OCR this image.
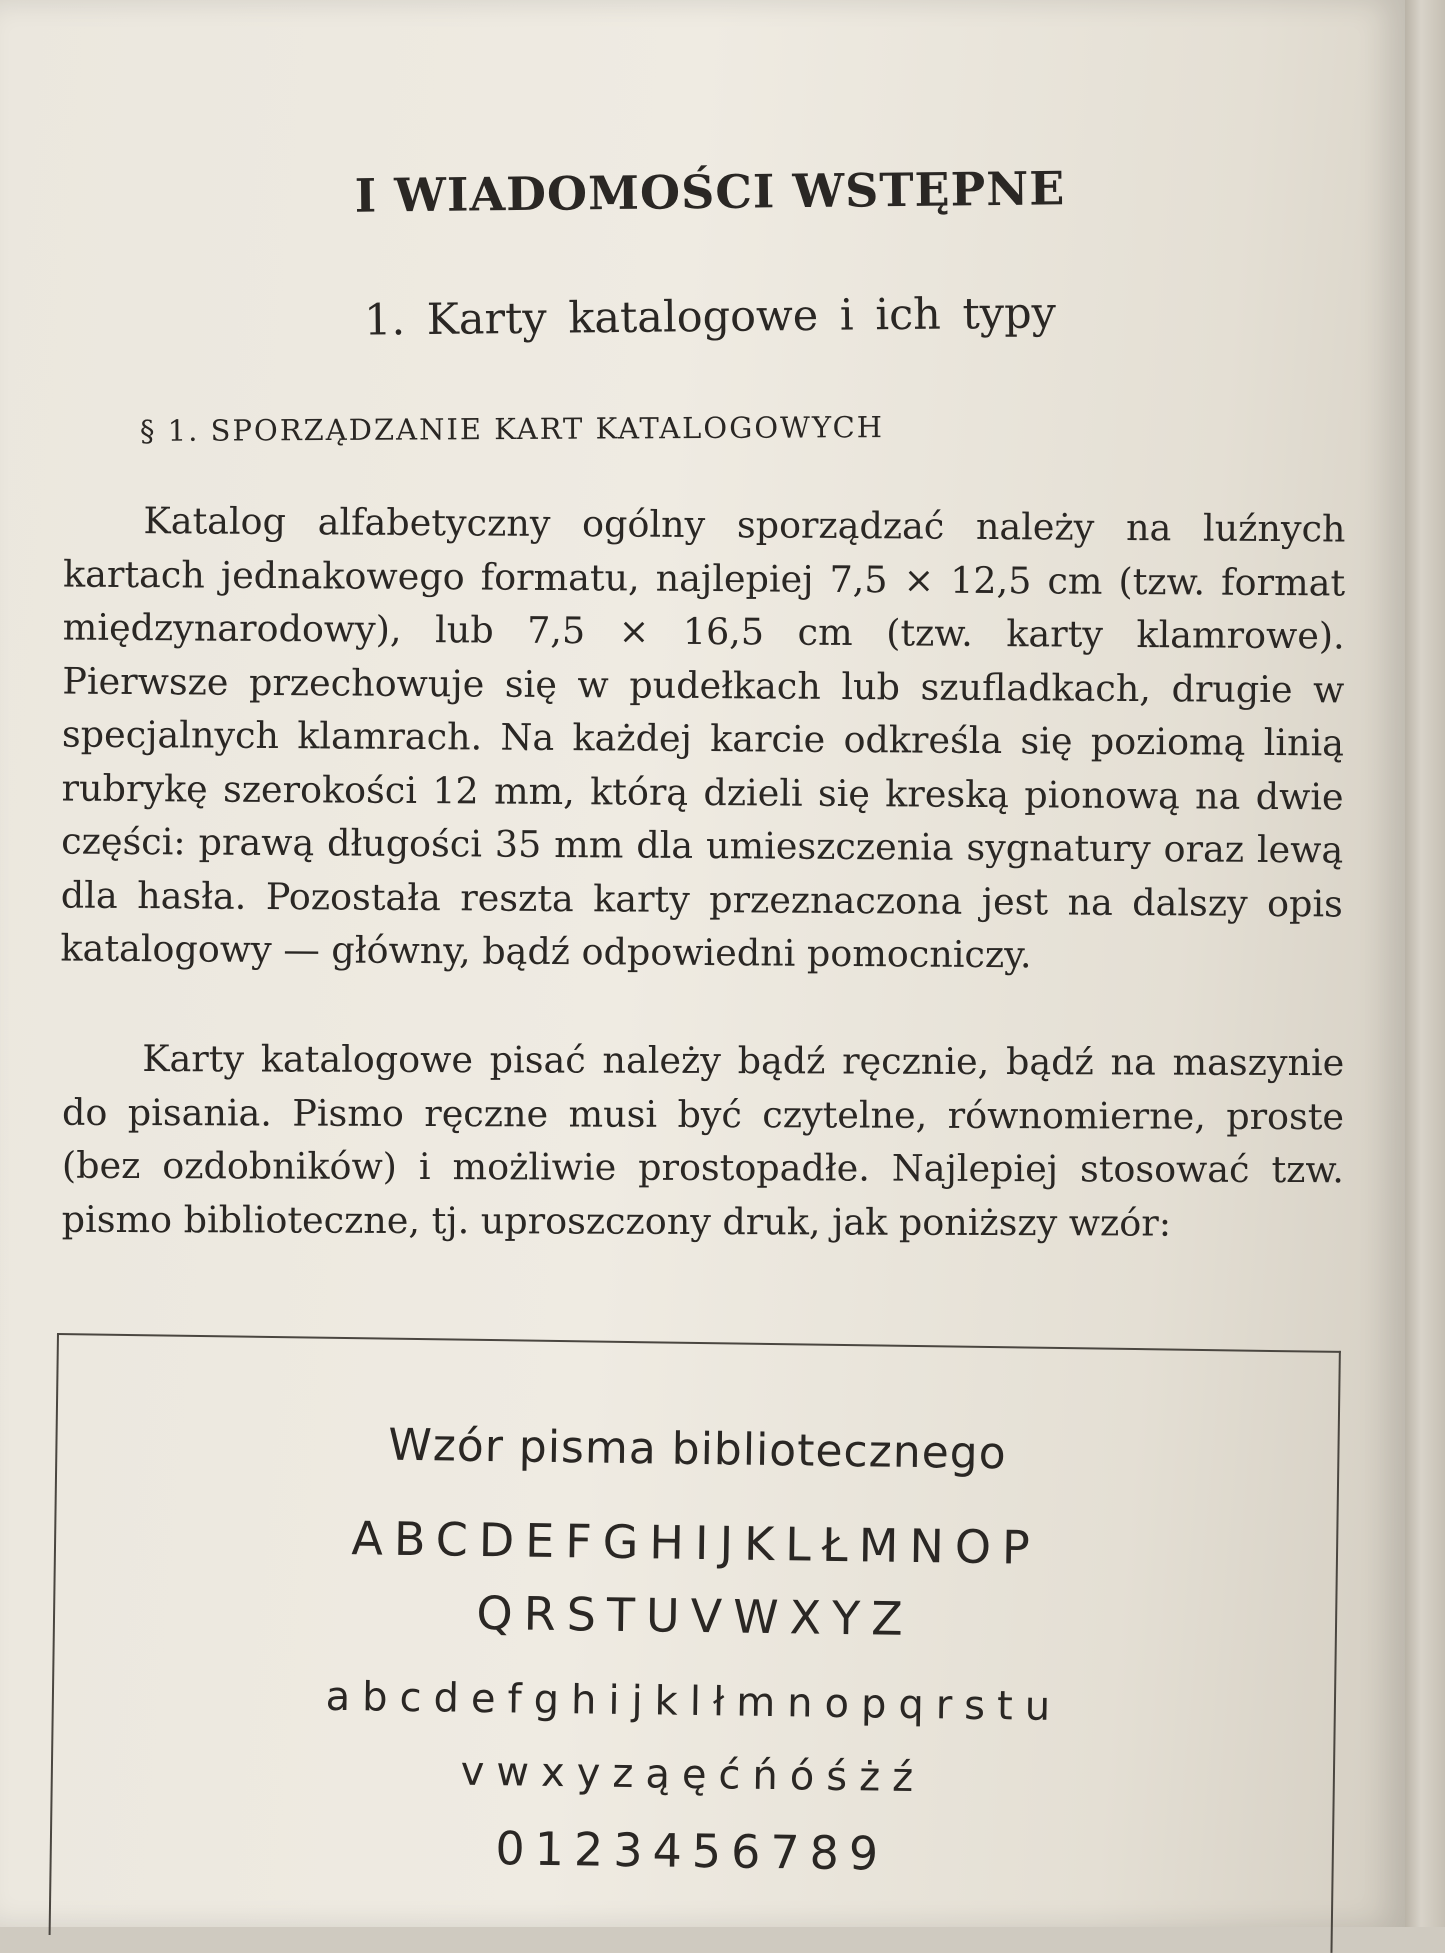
I WIADOMOŚCI WSTĘPNE
1. Karty katalogowe i ich typy
§ 1. SPORZĄDZANIE KART KATALOGOWYCH

Katalog alfabetyczny ogólny sporządzać należy na luźnych kartach jednakowego formatu, najlepiej 7,5 × 12,5 cm (tzw. format międzynarodowy), lub 7,5 × 16,5 cm (tzw. karty klamrowe). Pierwsze przechowuje się w pudełkach lub szufladkach, drugie w specjalnych klamrach. Na każdej karcie odkreśla się poziomą linią rubrykę szerokości 12 mm, którą dzieli się kreską pionową na dwie części: prawą długości 35 mm dla umieszczenia sygnatury oraz lewą dla hasła. Pozostała reszta karty przeznaczona jest na dalszy opis katalogowy — główny, bądź odpowiedni pomocniczy.

Karty katalogowe pisać należy bądź ręcznie, bądź na maszynie do pisania. Pismo ręczne musi być czytelne, równomierne, proste (bez ozdobników) i możliwie prostopadłe. Najlepiej stosować tzw. pismo biblioteczne, tj. uproszczony druk, jak poniższy wzór:

Wzór pisma bibliotecznego
ABCDEFGHIJKLŁMNOP
QRSTUVWXYZ
abcdefghijklłmnopqrstu
vwxyząęćńóśżź
0123456789
